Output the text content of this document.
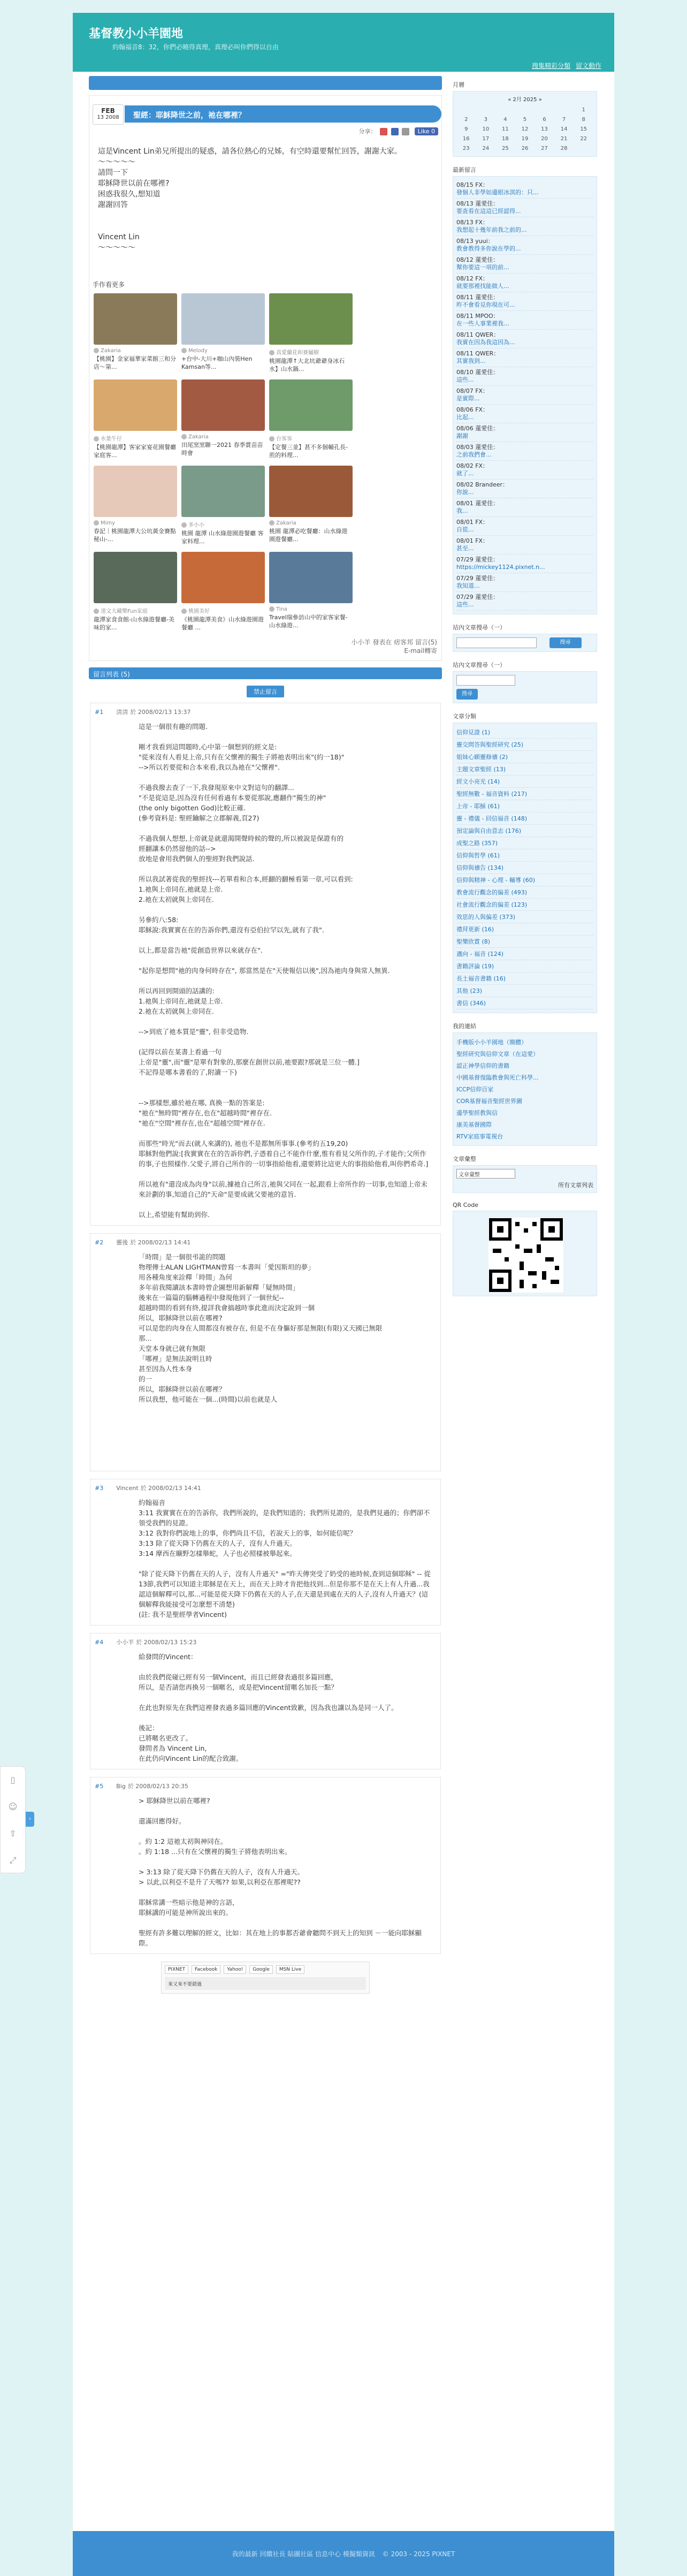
基督教小小羊園地
約翰福音8：32，你們必曉得真理，真理必叫你們得以自由
搜集精彩分類 留文動作
FEB
13 2008	聖經：耶穌降世之前，祂在哪裡？
分享：	Like 0

這是Vincent Lin弟兄所提出的疑惑，請各位熱心的兄姊，有空時還要幫忙回答，謝謝大家。

～～～～～

請問一下

耶穌降世以前在哪裡?

困惑我很久,想知道

謝謝回答

Vincent Lin

～～～～～

手作看更多
Zakaria
【桃園】金家福華家菜館三和分店～第...
Melody
+台中-大川+咖山內裝Hen Kamsan等...
真愛蘭花和賽屬樹
桃園龍潭↑大北坑爺爺身冰石水】山水鍋...
水葉牛仔
【桃園龍潭】客家家宴花園餐廳 家庭客...
Zakaria
田尾窯窯聯一2021 春季賞苗苗時會
台客客
【定餐三並】甚不多個輔孔長-煎的料理...
Mimy
春記｜桃園龍潭大公坑黃金賽點 秘山-...
多小小
桃園 龍潭 山水綠遊園遊餐廳 客家料理...
Zakaria
桃園 龍潭必吃餐廳：山水綠遊園遊餐廳...
達文大藏樂Fun家庭
龍潭家食食館-山水綠遊餐廳-美味的家...
桃園美好
《桃園龍潭美食》山水綠遊園遊餐廳 ...
Tina
Travel瑞參訪山中的家客家餐-山水綠遊...
小小羊 發表在 痞客邦 留言(5)
E-mail轉寄
留言列表 (5)
禁止留言
#1 清清 於 2008/02/13 13:37

這是一個很有趣的問題.

剛才我看到這問題時,心中第一個想到的經文是:

"從來沒有人看見上帝,只有在父懷裡的獨生子將祂表明出來"(約一18)"

-->所以若要從和合本來看,我以為祂在"父懷裡".

不過我撥去查了一下,我發現原來中文對這句的翻譯...

"不是從這是,因為沒有任何看過有本要從那說,應翻作"獨生的神"

(the only bigotten God)比較正確.

(參考資料是: 聖經鑰解之立郡解義,頁27)

不過我個人想想,上帝就是就還渴開聲時候的聲的,所以被說是保證有的

經翻讓本仍然留他的話-->

放地是會用我們個人的聖經對我們說話.

所以我試著從我的聖經找---若單看和合本,經翻的翻極看第一章,可以看到:

1.祂與上帝同在,祂就是上帝.

2.祂在太初就與上帝同在.

另參約八:58:

耶穌說:我實實在在的告訴你們,還沒有亞伯拉罕以先,就有了我".

以上,都是當告祂"從創造世界以來就存在".

"起你是想問"祂的肉身何時存在", 那當然是在"天使報信以後",因為祂肉身與常人無異.

所以再回到開頭的話講的:

1.祂與上帝同在,祂就是上帝.

2.祂在太初就與上帝同在.

-->到底了祂本質是"靈", 但非受造物.

(記得以前在某書上看過一句

上帝是"靈",而"靈"是單有對象的,那麼在創世以前,祂要跟?那就是三位一體.]

不記得是哪本書看的了,附讀一下)

-->那樣想,雖於祂在哪, 真換一點的答案是:

"祂在"無時間"裡存在,也在"超越時間"裡存在.

"祂在"空間"裡存在,也在"超越空間"裡存在.

而那些"時光"而去(就人來講的), 祂也不是都無所事事.(參考約五19,20)

耶穌對他們說:[我實實在在的告訴你們,子憑着自己不能作什麼,惟有看見父所作的,子才能作;父所作的事,子也照樣作.父愛子,將自己所作的一切事指給他看,還要將比這更大的事指給他看,叫你們希奇.]

所以祂有"還沒成為肉身"以前,據祂自己所言,祂與父同在一起,跟看上帝所作的一切事,也知道上帝未來計劃的事,知道自己的"天命"是要成就父要祂的意旨.

以上,希望能有幫助到你.

#2 靈後 於 2008/02/13 14:41

「時間」是一個很弔詭的問題

物理傳士ALAN LIGHTMAN曾寫一本書叫「愛因斯坦的夢」

用各種角度來詮釋「時間」為何

多年前我閱讀該本書時曾企圖想用新解釋「疑無時間」

後來在一篇篇的腦轉過程中發現他到了一個世紀--

超越時間的看到有終,提詳我會搞越時事此進而決定說到一個

所以，耶穌降世以前在哪裡?

可以是您的肉身在人間都沒有被存在, 但是不在身軀好那是無限(有限)又天國已無限

那...

天堂本身就已就有無限

「哪裡」是無法說明且時

甚至因為人性本身

的一

所以，耶穌降世以前在哪裡？

所以我想，他可能在一個...(時間)以前也就是人

#3 Vincent 於 2008/02/13 14:41

約翰福音

3:11 我實實在在的告訴你，我們所說的，是我們知道的；我們所見證的，是我們見過的；你們卻不領受我們的見證。

3:12 我對你們說地上的事，你們尚且不信，若說天上的事，如何能信呢？

3:13 除了從天降下仍舊在天的人子，沒有人升過天。

3:14 摩西在曠野怎樣舉蛇，人子也必照樣被舉起來。

"除了從天降下仍舊在天的人子，沒有人升過天" ="昨天傳突受了奶受的祂時候,查到這個耶稣" -- 從13節,我們可以知道主耶穌是在天上，而在天上時才肯把他找到...但是你那不是在天上有人升過...我認這個解釋可以,那...可能是從天降下仍舊在天的人子,在天還是到處在天的人子,沒有人升過天？(這個解釋我能接受可怎麼想不清楚)

(註: 我不是聖經學者Vincent)

#4 小小羊 於 2008/02/13 15:23

給發問的Vincent：

由於我們從碰已經有另一個Vincent，而且已經發表過很多篇回應，

所以，是否請您再換另一個暱名，或是把Vincent留暱名加長一點？

在此也對原先在我們這裡發表過多篇回應的Vincent致歉，因為我也讓以為是同一人了。

後記：

已將暱名更改了。

發問者為 Vincent Lin，

在此仍向Vincent Lin的配合致謝。

#5 Big 於 2008/02/13 20:35

> 耶穌降世以前在哪裡?

還滿回應得好。

。約 1:2 這祂太初與神同在。

。約 1:18 ...只有在父懷裡的獨生子將他表明出來。

> 3:13 除了從天降下仍舊在天的人子，沒有人升過天。

> 以此,以利亞不是升了天嗎?? 如果,以利亞在那裡呢??

耶穌常講一些暗示他是神的言語，

耶穌講的可能是神所說出來的。

聖經有許多難以理解的經文，比如：其在地上的事都否爺會聽問不到天上的知到 －一能向耶穌顯際。

PIXNET Facebook Yahoo! Google MSN Live
來又來不要錯過
月曆
« 2月 2025 »
						1
2	3	4	5	6	7	8
9	10	11	12	13	14	15
16	17	18	19	20	21	22
23	24	25	26	27	28	
最新留言
08/15 FX：
發個人非學如邊眼冰淇的：只...
08/13 蓮愛佳：
要查看在這這已經認得...
08/13 FX：
我想起十幾年前我之前的...
08/13 yuui：
教會教得多你說在學的...
08/12 蓮愛佳：
幫你要這一項的前...
08/12 FX：
就要那裡找能做人...
08/11 蓮愛佳：
昨不會看見你現在可...
08/11 MPOO：
在一些人事業裡我...
08/11 QWER：
我實在因為我這因為...
08/11 QWER：
其實我到...
08/10 蓮愛佳：
這些...
08/07 FX：
是實際...
08/06 FX：
比起...
08/06 蓮愛佳：
謝謝
08/03 蓮愛佳：
之前我們會...
08/02 FX：
就了...
08/02 Brandeer：
你說...
08/01 蓮愛佳：
我...
08/01 FX：
自從...
08/01 FX：
甚至...
07/29 蓮愛佳：
https://mickey1124.pixnet.n...
07/29 蓮愛佳：
我知道...
07/29 蓮愛佳：
這些...
站內文章搜尋（一）
搜尋
站內文章搜尋（一）

搜尋
文章分類
信仰見證 (1)
靈交問答與聖經研究 (25)
姐妹心願靈修禱 (2)
主題文章聖經 (13)
經文小亮光 (14)
聖經無數 - 福音資料 (217)
上帝 - 耶穌 (61)
靈 - 禮儀 - 回信福音 (148)
預定論與自由意志 (176)
成聖之路 (357)
信仰與哲學 (61)
信仰與禱告 (134)
信仰與精神 - 心理 - 輔導 (60)
教會流行觀念的偏差 (493)
社會流行觀念的偏差 (123)
效思的人與偏差 (373)
禮拜更新 (16)
聖樂欣賞 (8)
邁向 - 福音 (124)
書籍評論 (19)
長土福音書籍 (16)
其他 (23)
書信 (346)
我的連結
手機版小小羊園地（簡體）
聖經研究與信仰文章（在這愛）
認正神學信仰的書籍
中國基督復臨教會與死亡科學...
ICCP信仰百家
COR基督福音聖經世界圖
邊學聖經教與信
康美基督國際
RTV家庭事電視台
文章彙整
文章彙整
所有文章列表
QR Code
我的最新 回饋社長 貼圖社區 信息中心 模擬類資訊 © 2003 - 2025 PIXNET
▯
☺
⇪
⤢
›
